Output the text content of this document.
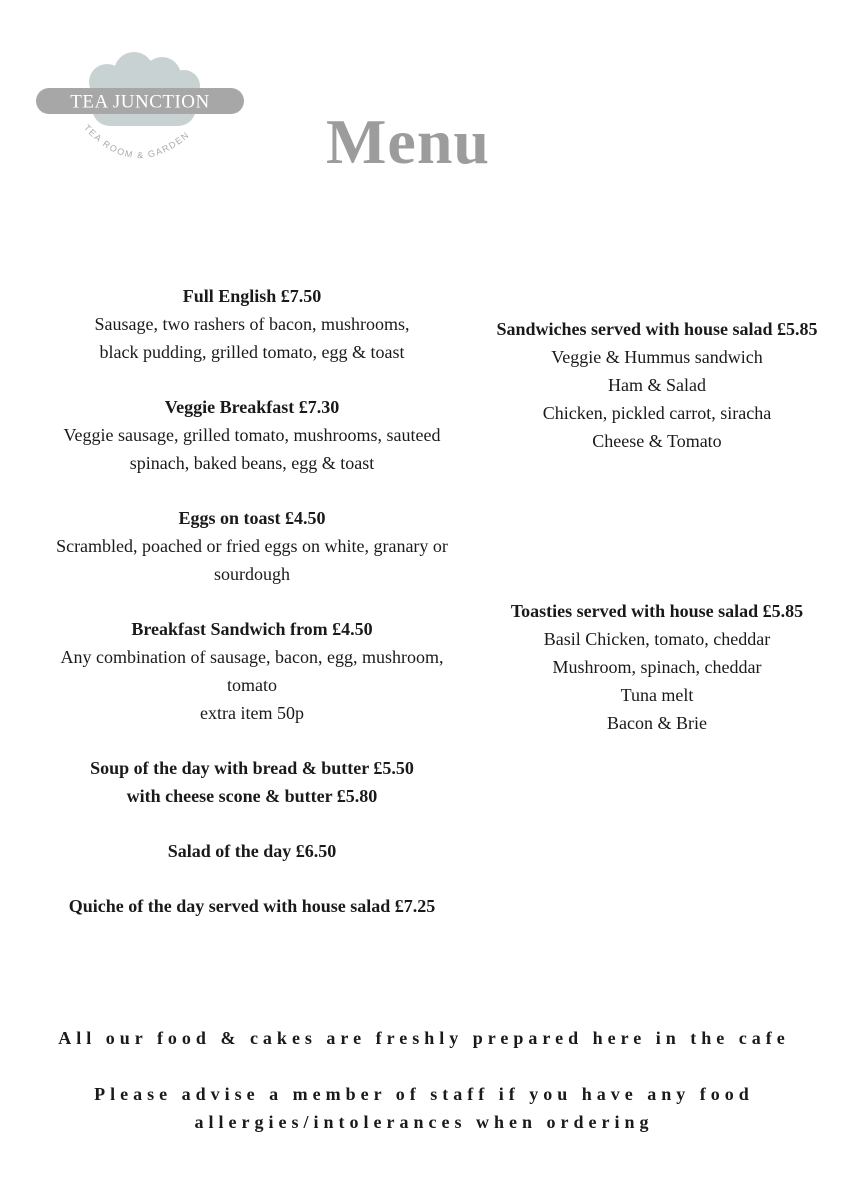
TEA JUNCTION
TEA ROOM & GARDEN Menu
Full English £7.50
Sausage, two rashers of bacon, mushrooms,
black pudding, grilled tomato, egg & toast
Veggie Breakfast £7.30
Veggie sausage, grilled tomato, mushrooms, sauteed
spinach, baked beans, egg & toast
Eggs on toast £4.50
Scrambled, poached or fried eggs on white, granary or
sourdough
Breakfast Sandwich from £4.50
Any combination of sausage, bacon, egg, mushroom,
tomato
extra item 50p
Soup of the day with bread & butter £5.50
with cheese scone & butter £5.80
Salad of the day £6.50
Quiche of the day served with house salad £7.25
Sandwiches served with house salad £5.85
Veggie & Hummus sandwich
Ham & Salad
Chicken, pickled carrot, siracha
Cheese & Tomato
Toasties served with house salad £5.85
Basil Chicken, tomato, cheddar
Mushroom, spinach, cheddar
Tuna melt
Bacon & Brie
All our food & cakes are freshly prepared here in the cafe
Please advise a member of staff if you have any food
allergies/intolerances when ordering
